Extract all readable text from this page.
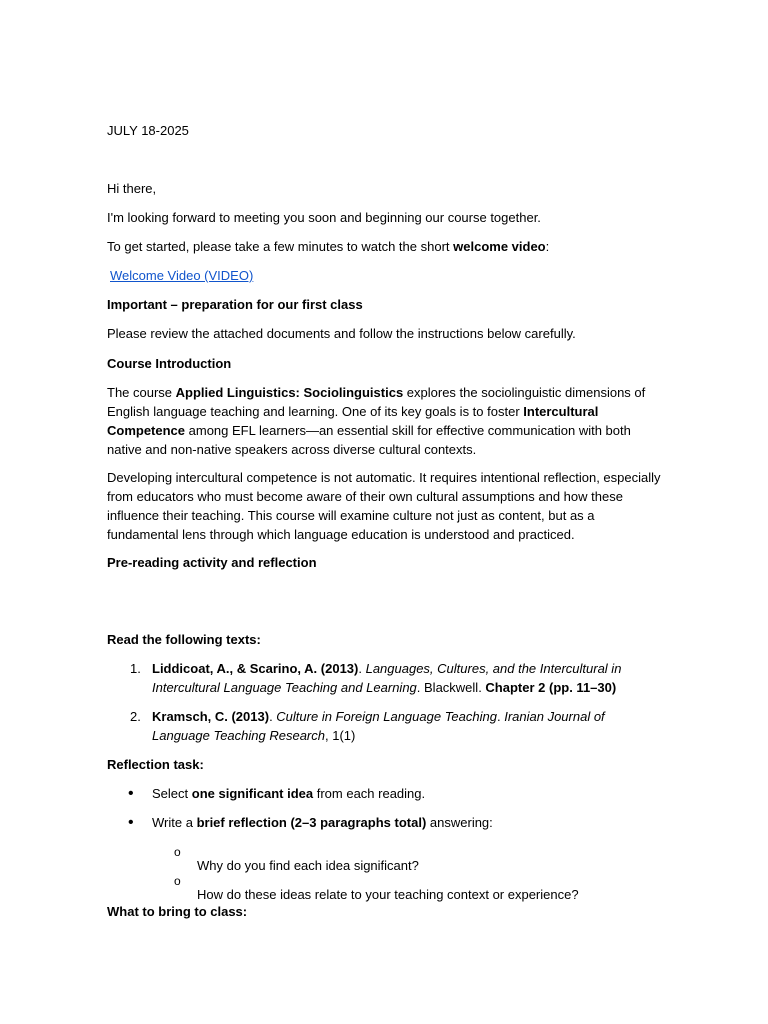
JULY 18-2025

Hi there,

I'm looking forward to meeting you soon and beginning our course together.

To get started, please take a few minutes to watch the short welcome video:

Welcome Video (VIDEO)

Important – preparation for our first class

Please review the attached documents and follow the instructions below carefully.

Course Introduction

The course Applied Linguistics: Sociolinguistics explores the sociolinguistic dimensions of English language teaching and learning. One of its key goals is to foster Intercultural Competence among EFL learners—an essential skill for effective communication with both native and non-native speakers across diverse cultural contexts.

Developing intercultural competence is not automatic. It requires intentional reflection, especially from educators who must become aware of their own cultural assumptions and how these influence their teaching. This course will examine culture not just as content, but as a fundamental lens through which language education is understood and practiced.

Pre-reading activity and reflection

Read the following texts:

1. Liddicoat, A., & Scarino, A. (2013). Languages, Cultures, and the Intercultural in Intercultural Language Teaching and Learning. Blackwell. Chapter 2 (pp. 11–30)

2. Kramsch, C. (2013). Culture in Foreign Language Teaching. Iranian Journal of Language Teaching Research, 1(1)

Reflection task:

• Select one significant idea from each reading.

• Write a brief reflection (2–3 paragraphs total) answering:

o

Why do you find each idea significant?

o

How do these ideas relate to your teaching context or experience?

What to bring to class:
